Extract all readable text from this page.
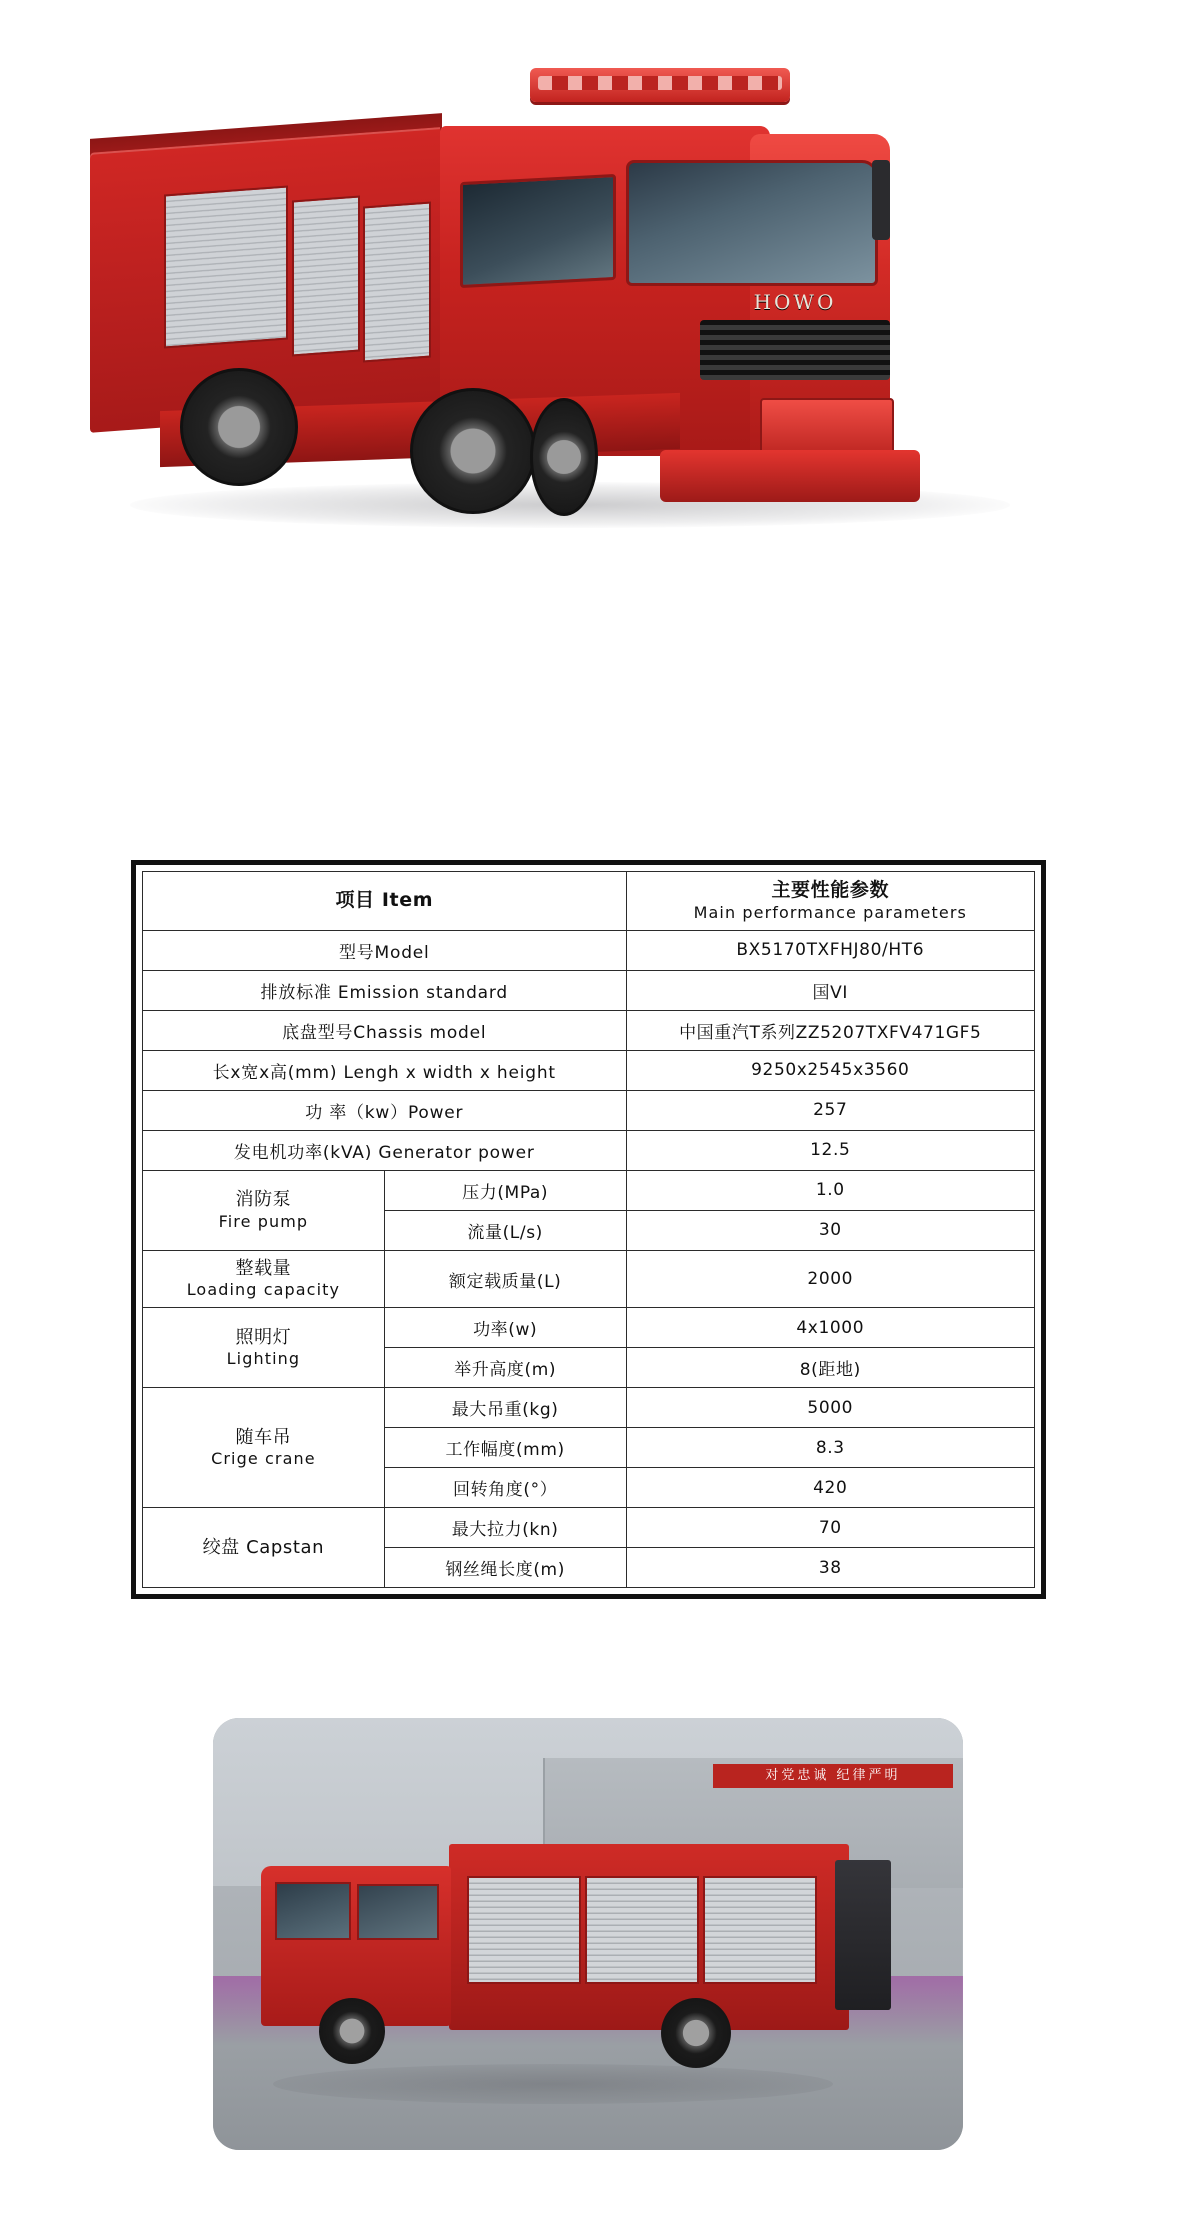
HOWO
项目 Item		主要性能参数
Main performance parameters

型号Model		BX5170TXFHJ80/HT6
排放标准 Emission standard		国VI
底盘型号Chassis model		中国重汽T系列ZZ5207TXFV471GF5
长x宽x高(mm) Lengh x width x height		9250x2545x3560
功 率（kw）Power		257
发电机功率(kVA) Generator power		12.5

消防泵
Fire pump	压力(MPa)	1.0
	流量(L/s)	30

整载量
Loading capacity	额定载质量(L)	2000

照明灯
Lighting	功率(w)	4x1000
	举升高度(m)	8(距地)

随车吊
Crige crane	最大吊重(kg)	5000
	工作幅度(mm)	8.3
	回转角度(°）	420

绞盘 Capstan	最大拉力(kn)	70
	钢丝绳长度(m)	38
对党忠诚 纪律严明
